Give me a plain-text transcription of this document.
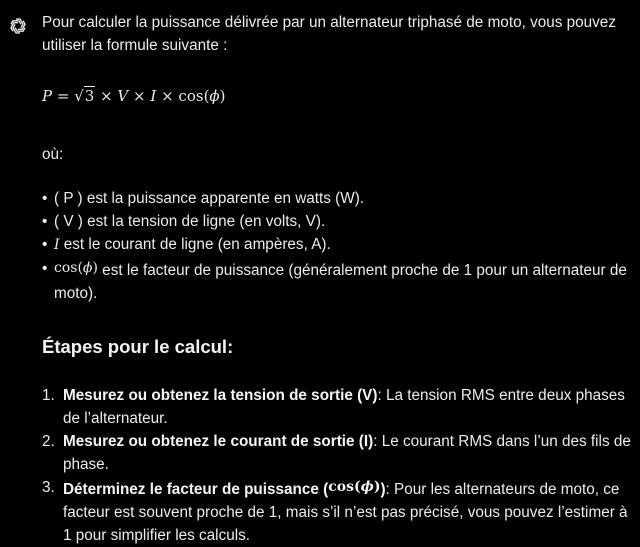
Pour calculer la puissance délivrée par un alternateur triphasé de moto, vous pouvez utiliser la formule suivante :

P = √3 × V × I × cos(ϕ)

où:

• ( P ) est la puissance apparente en watts (W).
• ( V ) est la tension de ligne (en volts, V).
• I est le courant de ligne (en ampères, A).
• cos(ϕ) est le facteur de puissance (généralement proche de 1 pour un alternateur de moto).
Étapes pour le calcul:
1. Mesurez ou obtenez la tension de sortie (V): La tension RMS entre deux phases de l’alternateur.
2. Mesurez ou obtenez le courant de sortie (I): Le courant RMS dans l’un des fils de phase.
3. Déterminez le facteur de puissance (cos(ϕ)): Pour les alternateurs de moto, ce facteur est souvent proche de 1, mais s’il n’est pas précisé, vous pouvez l’estimer à 1 pour simplifier les calculs.
